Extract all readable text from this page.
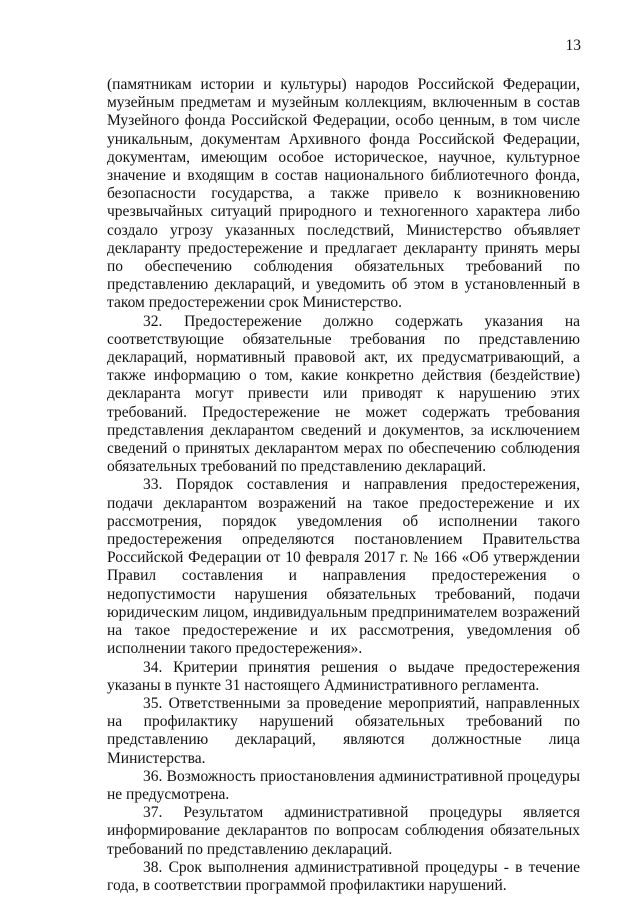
13

(памятникам истории и культуры) народов Российской Федерации, музейным предметам и музейным коллекциям, включенным в состав Музейного фонда Российской Федерации, особо ценным, в том числе уникальным, документам Архивного фонда Российской Федерации, документам, имеющим особое историческое, научное, культурное значение и входящим в состав национального библиотечного фонда, безопасности государства, а также привело к возникновению чрезвычайных ситуаций природного и техногенного характера либо создало угрозу указанных последствий, Министерство объявляет декларанту предостережение и предлагает декларанту принять меры по обеспечению соблюдения обязательных требований по представлению деклараций, и уведомить об этом в установленный в таком предостережении срок Министерство.

32. Предостережение должно содержать указания на соответствующие обязательные требования по представлению деклараций, нормативный правовой акт, их предусматривающий, а также информацию о том, какие конкретно действия (бездействие) декларанта могут привести или приводят к нарушению этих требований. Предостережение не может содержать требования представления декларантом сведений и документов, за исключением сведений о принятых декларантом мерах по обеспечению соблюдения обязательных требований по представлению деклараций.

33. Порядок составления и направления предостережения, подачи декларантом возражений на такое предостережение и их рассмотрения, порядок уведомления об исполнении такого предостережения определяются постановлением Правительства Российской Федерации от 10 февраля 2017 г. № 166 «Об утверждении Правил составления и направления предостережения о недопустимости нарушения обязательных требований, подачи юридическим лицом, индивидуальным предпринимателем возражений на такое предостережение и их рассмотрения, уведомления об исполнении такого предостережения».

34. Критерии принятия решения о выдаче предостережения указаны в пункте 31 настоящего Административного регламента.

35. Ответственными за проведение мероприятий, направленных на профилактику нарушений обязательных требований по представлению деклараций, являются должностные лица Министерства.

36. Возможность приостановления административной процедуры не предусмотрена.

37. Результатом административной процедуры является информирование декларантов по вопросам соблюдения обязательных требований по представлению деклараций.

38. Срок выполнения административной процедуры - в течение года, в соответствии программой профилактики нарушений.
